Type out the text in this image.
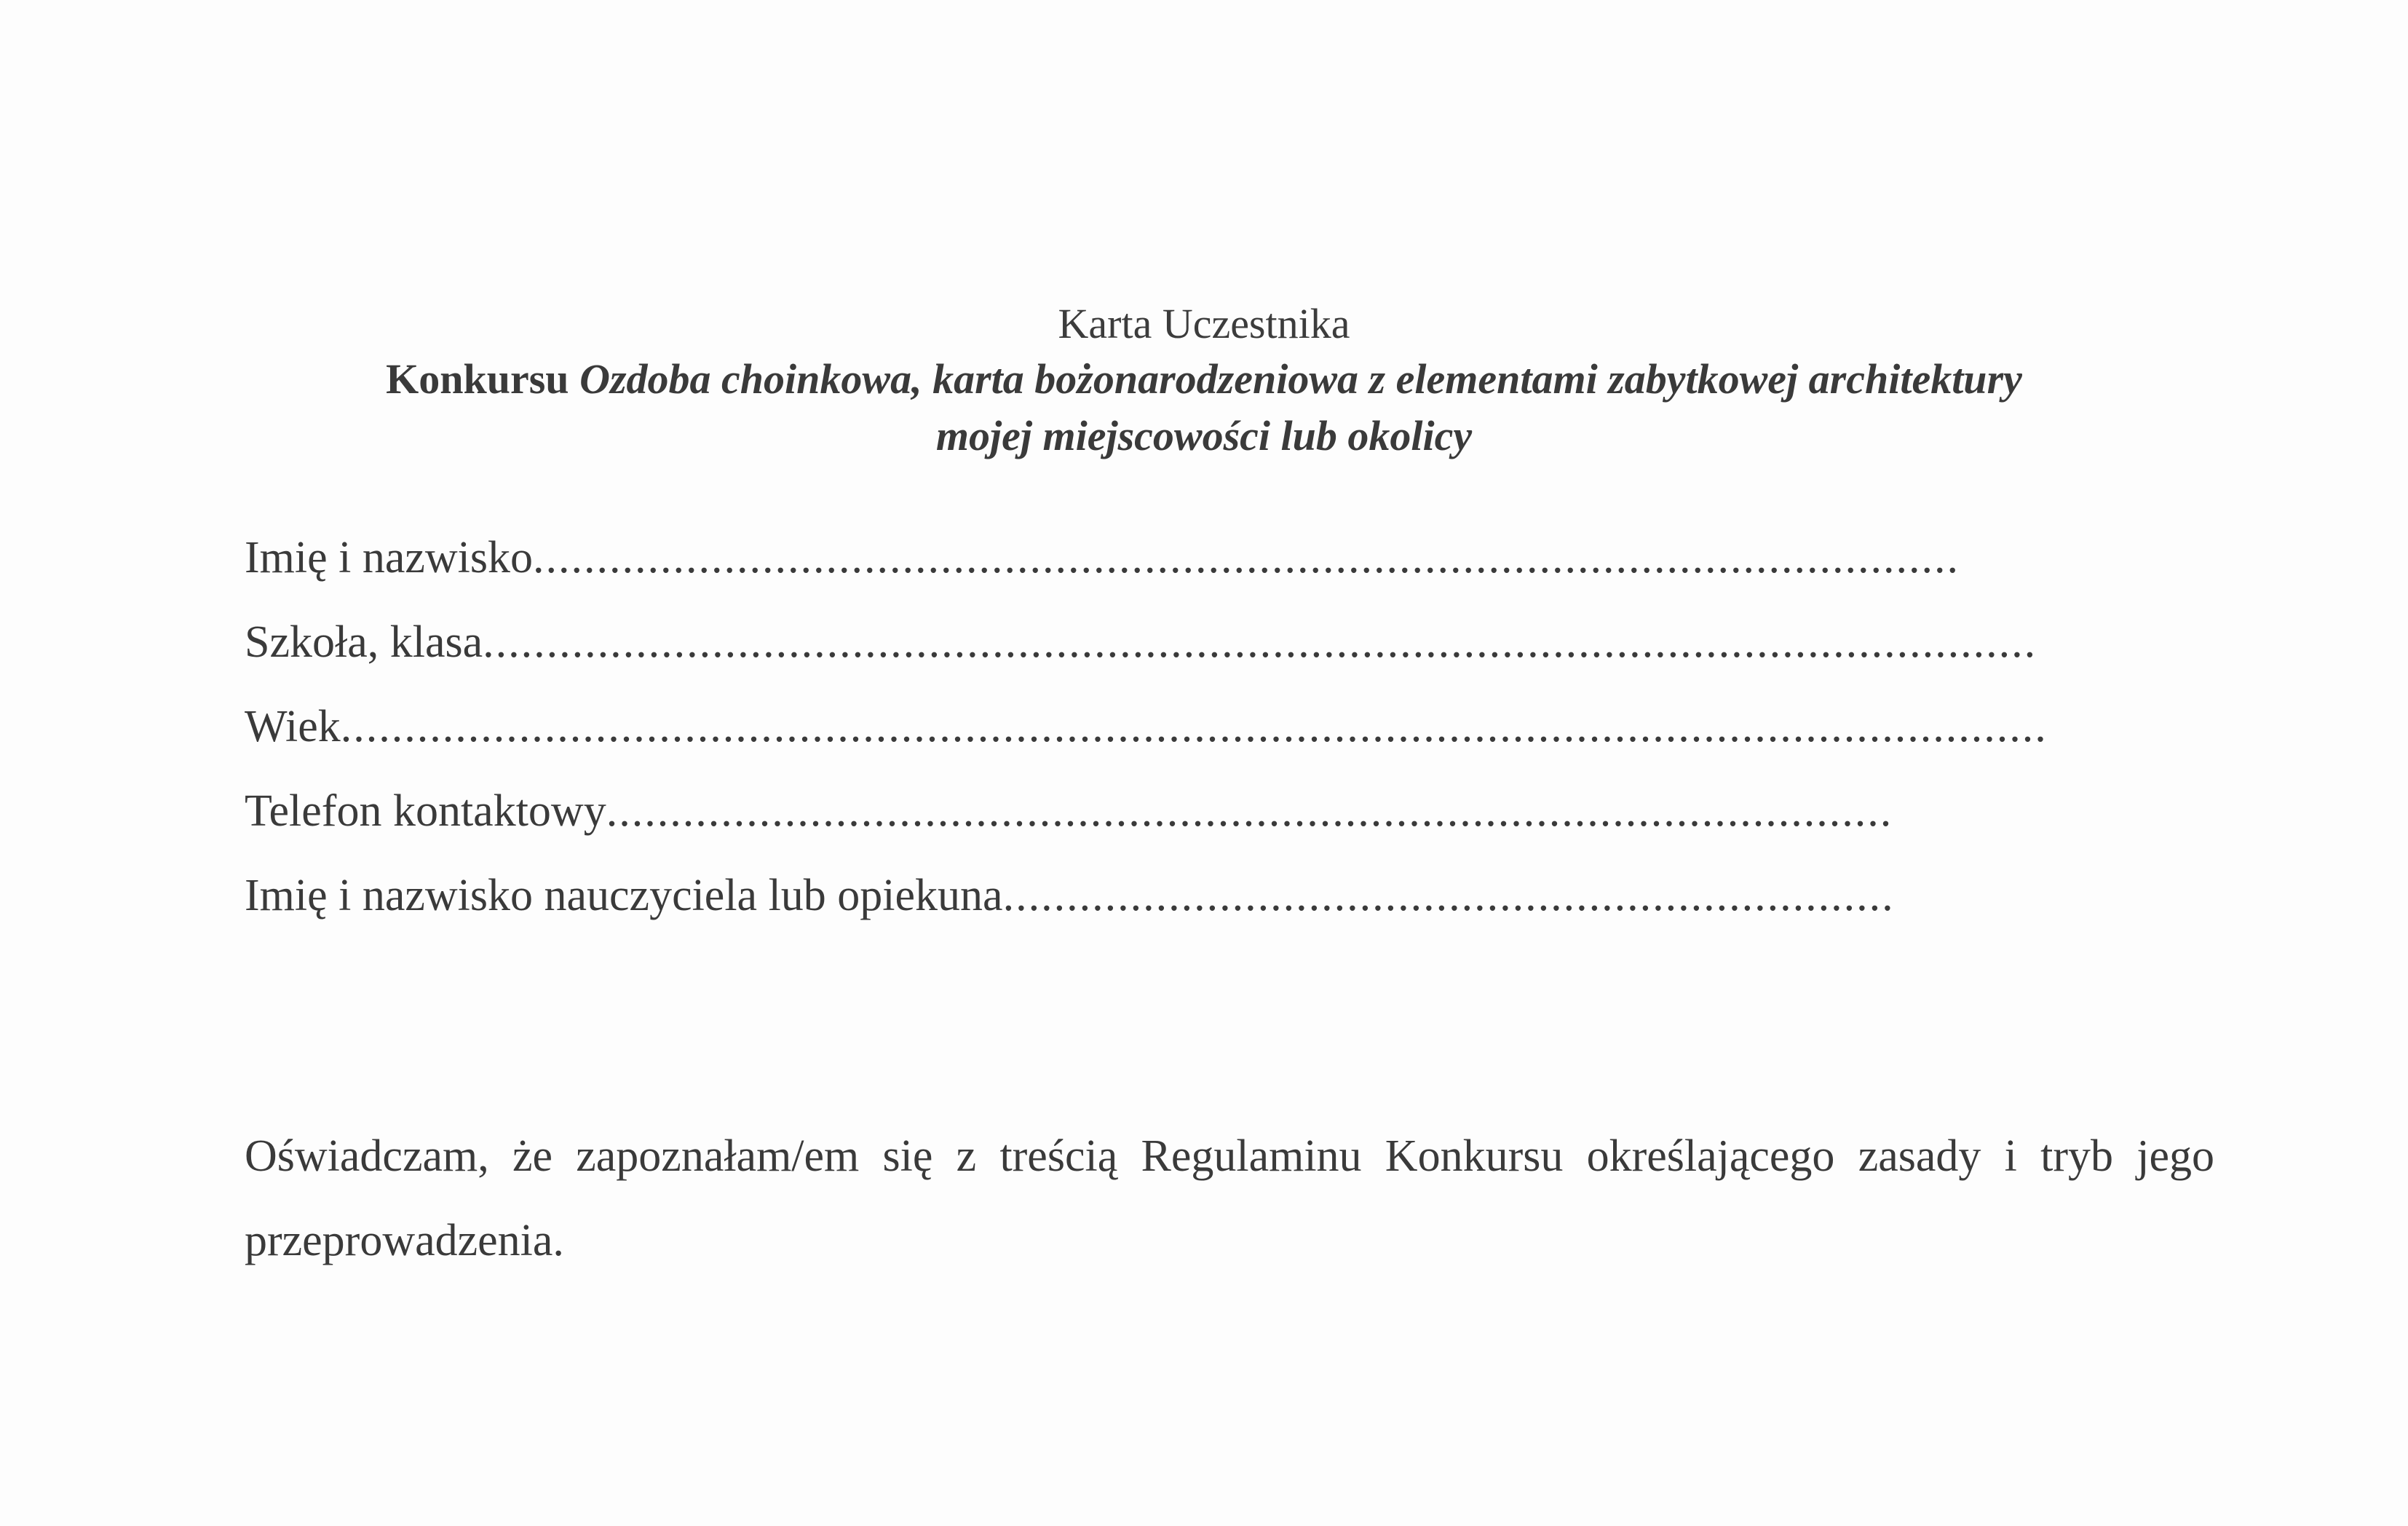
Karta Uczestnika
Konkursu Ozdoba choinkowa, karta bożonarodzeniowa z elementami zabytkowej architektury
mojej miejscowości lub okolicy
Imię i nazwisko................................................................................................................
Szkoła, klasa..........................................................................................................................
Wiek......................................................................................................................................
Telefon kontaktowy.....................................................................................................
Imię i nazwisko nauczyciela lub opiekuna......................................................................
Oświadczam, że zapoznałam/em się z treścią Regulaminu Konkursu określającego zasady i tryb jego przeprowadzenia.
